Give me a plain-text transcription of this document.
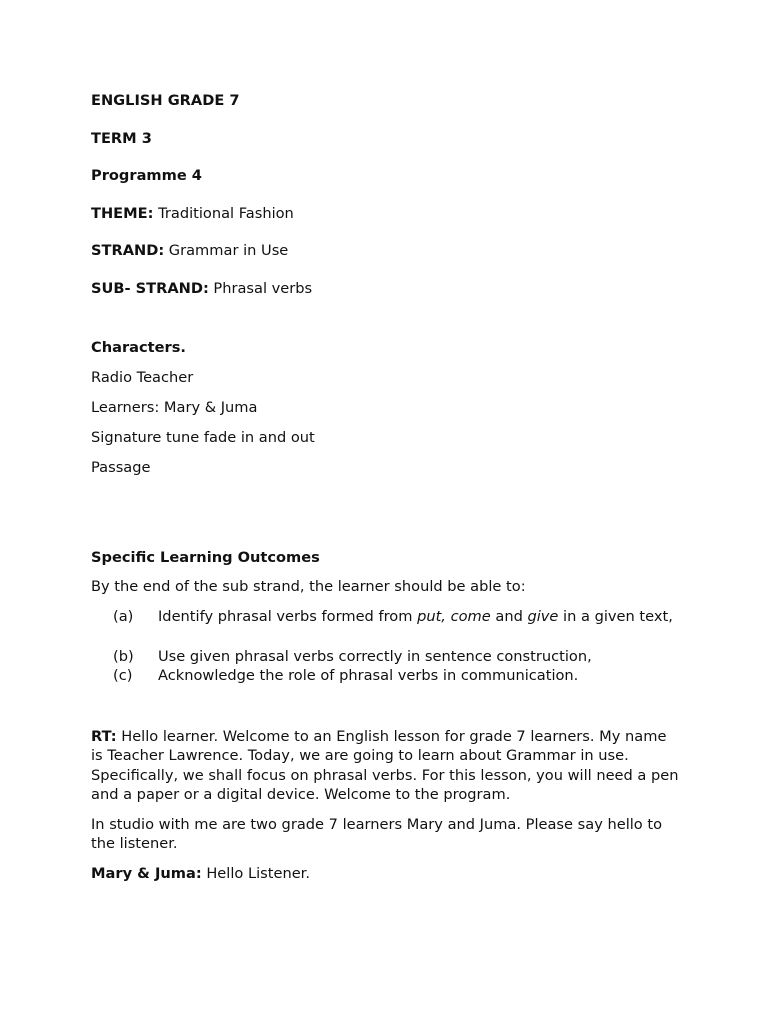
ENGLISH GRADE 7
TERM 3
Programme 4
THEME: Traditional Fashion
STRAND: Grammar in Use
SUB- STRAND: Phrasal verbs
Characters.
Radio Teacher
Learners: Mary & Juma
Signature tune fade in and out
Passage
Specific Learning Outcomes
By the end of the sub strand, the learner should be able to:
(a) Identify phrasal verbs formed from put, come and give in a given text,
(b) Use given phrasal verbs correctly in sentence construction,
(c) Acknowledge the role of phrasal verbs in communication.
RT: Hello learner. Welcome to an English lesson for grade 7 learners. My name is Teacher Lawrence. Today, we are going to learn about Grammar in use. Specifically, we shall focus on phrasal verbs. For this lesson, you will need a pen and a paper or a digital device. Welcome to the program.
In studio with me are two grade 7 learners Mary and Juma. Please say hello to the listener.
Mary & Juma: Hello Listener.
